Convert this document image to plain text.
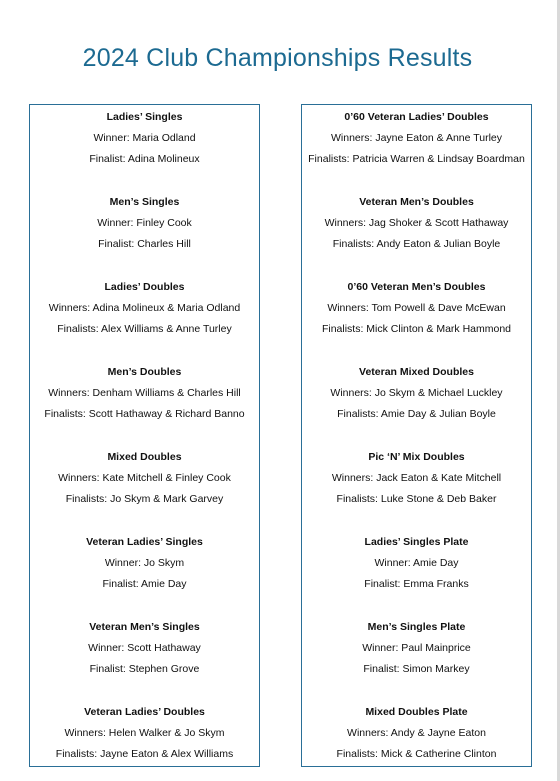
2024 Club Championships Results
Ladies’ Singles
Winner: Maria Odland
Finalist: Adina Molineux
Men’s Singles
Winner: Finley Cook
Finalist: Charles Hill
Ladies’ Doubles
Winners: Adina Molineux & Maria Odland
Finalists: Alex Williams & Anne Turley
Men’s Doubles
Winners: Denham Williams & Charles Hill
Finalists: Scott Hathaway & Richard Banno
Mixed Doubles
Winners: Kate Mitchell & Finley Cook
Finalists: Jo Skym & Mark Garvey
Veteran Ladies’ Singles
Winner: Jo Skym
Finalist: Amie Day
Veteran Men’s Singles
Winner: Scott Hathaway
Finalist: Stephen Grove
Veteran Ladies’ Doubles
Winners: Helen Walker & Jo Skym
Finalists: Jayne Eaton & Alex Williams
0’60 Veteran Ladies’ Doubles
Winners: Jayne Eaton & Anne Turley
Finalists: Patricia Warren & Lindsay Boardman
Veteran Men’s Doubles
Winners: Jag Shoker & Scott Hathaway
Finalists: Andy Eaton & Julian Boyle
0’60 Veteran Men’s Doubles
Winners: Tom Powell & Dave McEwan
Finalists: Mick Clinton & Mark Hammond
Veteran Mixed Doubles
Winners: Jo Skym & Michael Luckley
Finalists: Amie Day & Julian Boyle
Pic ‘N’ Mix Doubles
Winners: Jack Eaton & Kate Mitchell
Finalists: Luke Stone & Deb Baker
Ladies’ Singles Plate
Winner: Amie Day
Finalist: Emma Franks
Men’s Singles Plate
Winner: Paul Mainprice
Finalist: Simon Markey
Mixed Doubles Plate
Winners: Andy & Jayne Eaton
Finalists: Mick & Catherine Clinton
